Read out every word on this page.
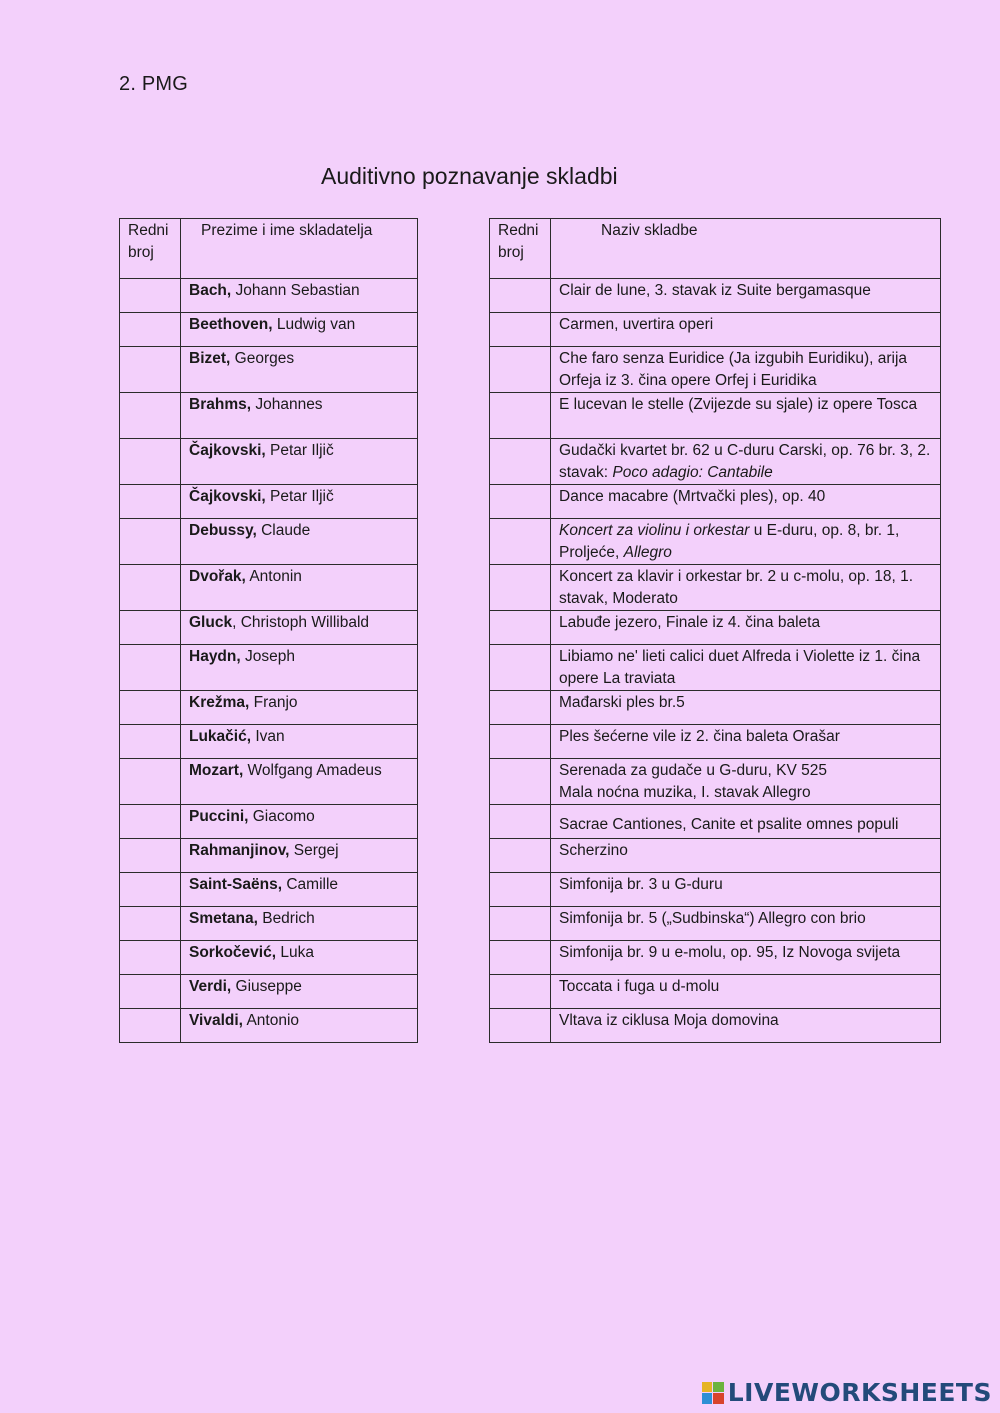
2. PMG
Auditivno poznavanje skladbi
Redni broj	Prezime i ime skladatelja
	Bach, Johann Sebastian
	Beethoven, Ludwig van
	Bizet, Georges
	Brahms, Johannes
	Čajkovski, Petar Iljič
	Čajkovski, Petar Iljič
	Debussy, Claude
	Dvořak, Antonin
	Gluck, Christoph Willibald
	Haydn, Joseph
	Krežma, Franjo
	Lukačić, Ivan
	Mozart, Wolfgang Amadeus
	Puccini, Giacomo
	Rahmanjinov, Sergej
	Saint-Saëns, Camille
	Smetana, Bedrich
	Sorkočević, Luka
	Verdi, Giuseppe
	Vivaldi, Antonio
Redni broj	Naziv skladbe
	Clair de lune, 3. stavak iz Suite bergamasque
	Carmen, uvertira operi
	Che faro senza Euridice (Ja izgubih Euridiku), arija Orfeja iz 3. čina opere Orfej i Euridika
	E lucevan le stelle (Zvijezde su sjale) iz opere Tosca
	Gudački kvartet br. 62 u C-duru Carski, op. 76 br. 3, 2. stavak: Poco adagio: Cantabile
	Dance macabre (Mrtvački ples), op. 40
	Koncert za violinu i orkestar u E-duru, op. 8, br. 1, Proljeće, Allegro
	Koncert za klavir i orkestar br. 2 u c-molu, op. 18, 1. stavak, Moderato
	Labuđe jezero, Finale iz 4. čina baleta
	Libiamo ne' lieti calici duet Alfreda i Violette iz 1. čina opere La traviata
	Mađarski ples br.5
	Ples šećerne vile iz 2. čina baleta Orašar

	Serenada za gudače u G-duru, KV 525
Mala noćna muzika, I. stavak Allegro

	Sacrae Cantiones, Canite et psalite omnes populi
	Scherzino
	Simfonija br. 3 u G-duru
	Simfonija br. 5 („Sudbinska“) Allegro con brio
	Simfonija br. 9 u e-molu, op. 95, Iz Novoga svijeta
	Toccata i fuga u d-molu
	Vltava iz ciklusa Moja domovina
LIVEWORKSHEETS
